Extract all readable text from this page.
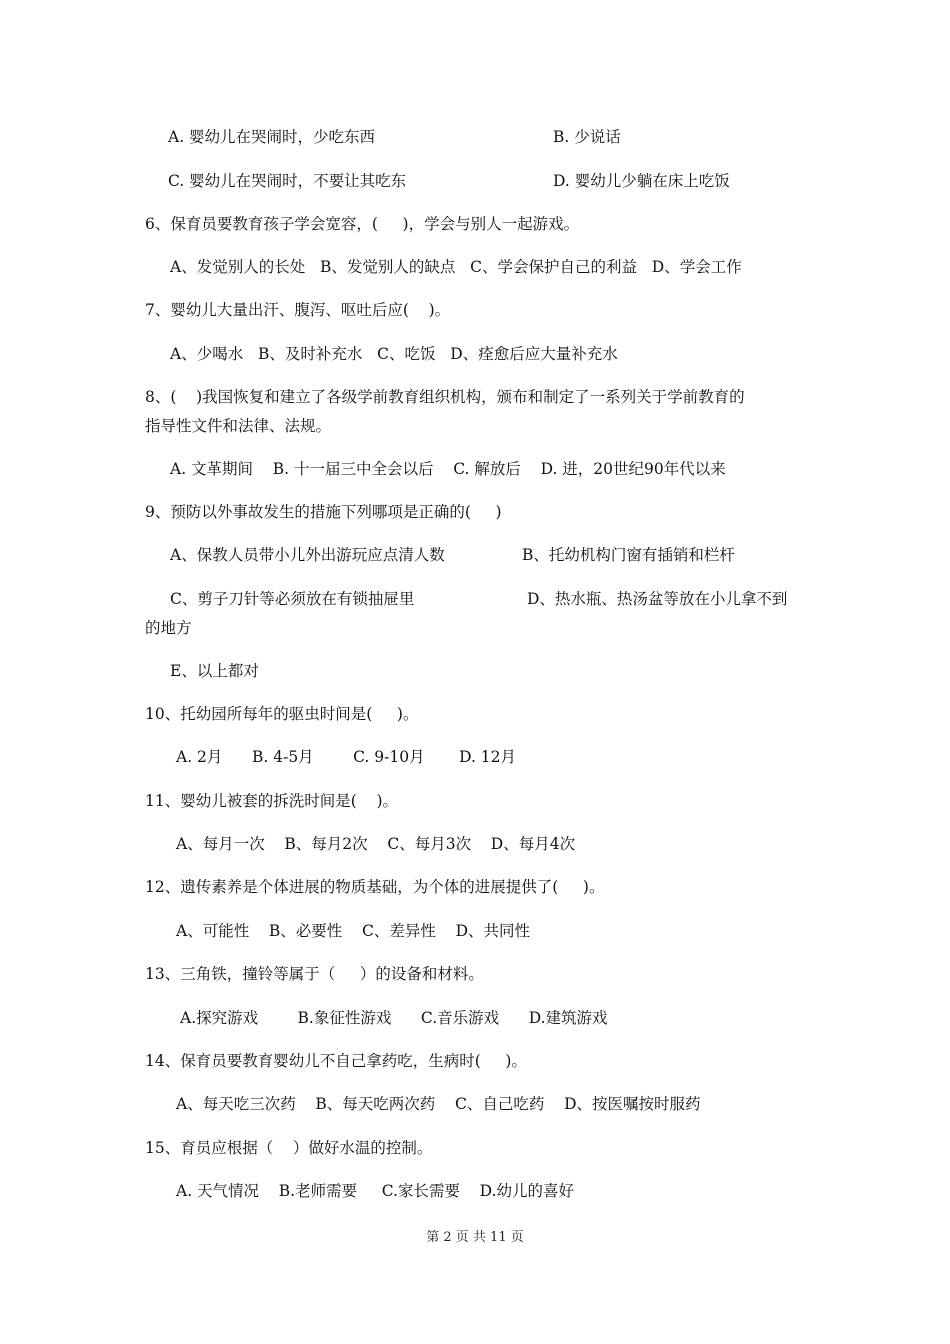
A. 婴幼儿在哭闹时，少吃东西	B. 少说话

C. 婴幼儿在哭闹时，不要让其吃东	D. 婴幼儿少躺在床上吃饭

6、保育员要教育孩子学会宽容，(     )，学会与别人一起游戏。

A、发觉别人的长处   B、发觉别人的缺点   C、学会保护自己的利益   D、学会工作

7、婴幼儿大量出汗、腹泻、呕吐后应(    )。

A、少喝水   B、及时补充水   C、吃饭   D、痊愈后应大量补充水

8、(    )我国恢复和建立了各级学前教育组织机构，颁布和制定了一系列关于学前教育的

指导性文件和法律、法规。

A. 文革期间    B. 十一届三中全会以后    C. 解放后    D. 进，20世纪90年代以来

9、预防以外事故发生的措施下列哪项是正确的(     )

A、保教人员带小儿外出游玩应点清人数	B、托幼机构门窗有插销和栏杆

C、剪子刀针等必须放在有锁抽屉里	D、热水瓶、热汤盆等放在小儿拿不到

的地方

E、以上都对

10、托幼园所每年的驱虫时间是(     )。

A. 2月      B. 4-5月        C. 9-10月       D. 12月

11、婴幼儿被套的拆洗时间是(    )。

A、每月一次    B、每月2次    C、每月3次    D、每月4次

12、遗传素养是个体进展的物质基础，为个体的进展提供了(     )。

A、可能性    B、必要性    C、差异性    D、共同性

13、三角铁，撞铃等属于（     ）的设备和材料。

A.探究游戏        B.象征性游戏      C.音乐游戏      D.建筑游戏

14、保育员要教育婴幼儿不自己拿药吃，生病时(     )。

A、每天吃三次药    B、每天吃两次药    C、自己吃药    D、按医嘱按时服药

15、育员应根据（    ）做好水温的控制。

A. 天气情况    B.老师需要     C.家长需要    D.幼儿的喜好

第 2 页 共 11 页
